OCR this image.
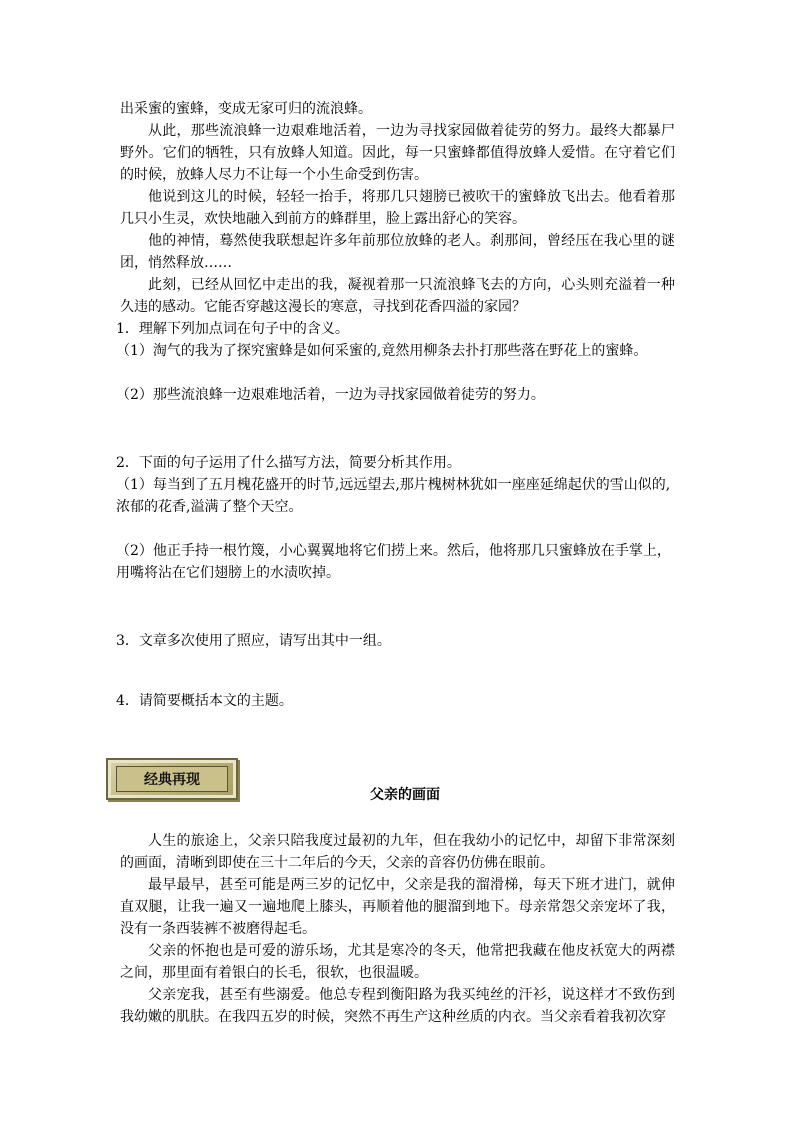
出采蜜的蜜蜂，变成无家可归的流浪蜂。

从此，那些流浪蜂一边艰难地活着，一边为寻找家园做着徒劳的努力。最终大都暴尸野外。它们的牺牲，只有放蜂人知道。因此，每一只蜜蜂都值得放蜂人爱惜。在守着它们的时候，放蜂人尽力不让每一个小生命受到伤害。

他说到这儿的时候，轻轻一抬手，将那几只翅膀已被吹干的蜜蜂放飞出去。他看着那几只小生灵，欢快地融入到前方的蜂群里，脸上露出舒心的笑容。

他的神情，蓦然使我联想起许多年前那位放蜂的老人。刹那间，曾经压在我心里的谜团，悄然释放……

此刻，已经从回忆中走出的我，凝视着那一只流浪蜂飞去的方向，心头则充溢着一种久违的感动。它能否穿越这漫长的寒意，寻找到花香四溢的家园？

1．理解下列加点词在句子中的含义。

（1）淘气的我为了探究蜜蜂是如何采蜜的,竟然用柳条去扑打那些落在野花上的蜜蜂。

（2）那些流浪蜂一边艰难地活着，一边为寻找家园做着徒劳的努力。

2．下面的句子运用了什么描写方法，简要分析其作用。

（1）每当到了五月槐花盛开的时节,远远望去,那片槐树林犹如一座座延绵起伏的雪山似的,浓郁的花香,溢满了整个天空。

（2）他正手持一根竹篾，小心翼翼地将它们捞上来。然后，他将那几只蜜蜂放在手掌上，用嘴将沾在它们翅膀上的水渍吹掉。

3．文章多次使用了照应，请写出其中一组。

4．请简要概括本文的主题。

经典再现

父亲的画面

人生的旅途上，父亲只陪我度过最初的九年，但在我幼小的记忆中，却留下非常深刻的画面，清晰到即使在三十二年后的今天，父亲的音容仍仿佛在眼前。

最早最早，甚至可能是两三岁的记忆中，父亲是我的溜滑梯，每天下班才进门，就伸直双腿，让我一遍又一遍地爬上膝头，再顺着他的腿溜到地下。母亲常怨父亲宠坏了我，没有一条西装裤不被磨得起毛。

父亲的怀抱也是可爱的游乐场，尤其是寒冷的冬天，他常把我藏在他皮袄宽大的两襟之间，那里面有着银白的长毛，很软，也很温暖。

父亲宠我，甚至有些溺爱。他总专程到衡阳路为我买纯丝的汗衫，说这样才不致伤到我幼嫩的肌肤。在我四五岁的时候，突然不再生产这种丝质的内衣。当父亲看着我初次穿
